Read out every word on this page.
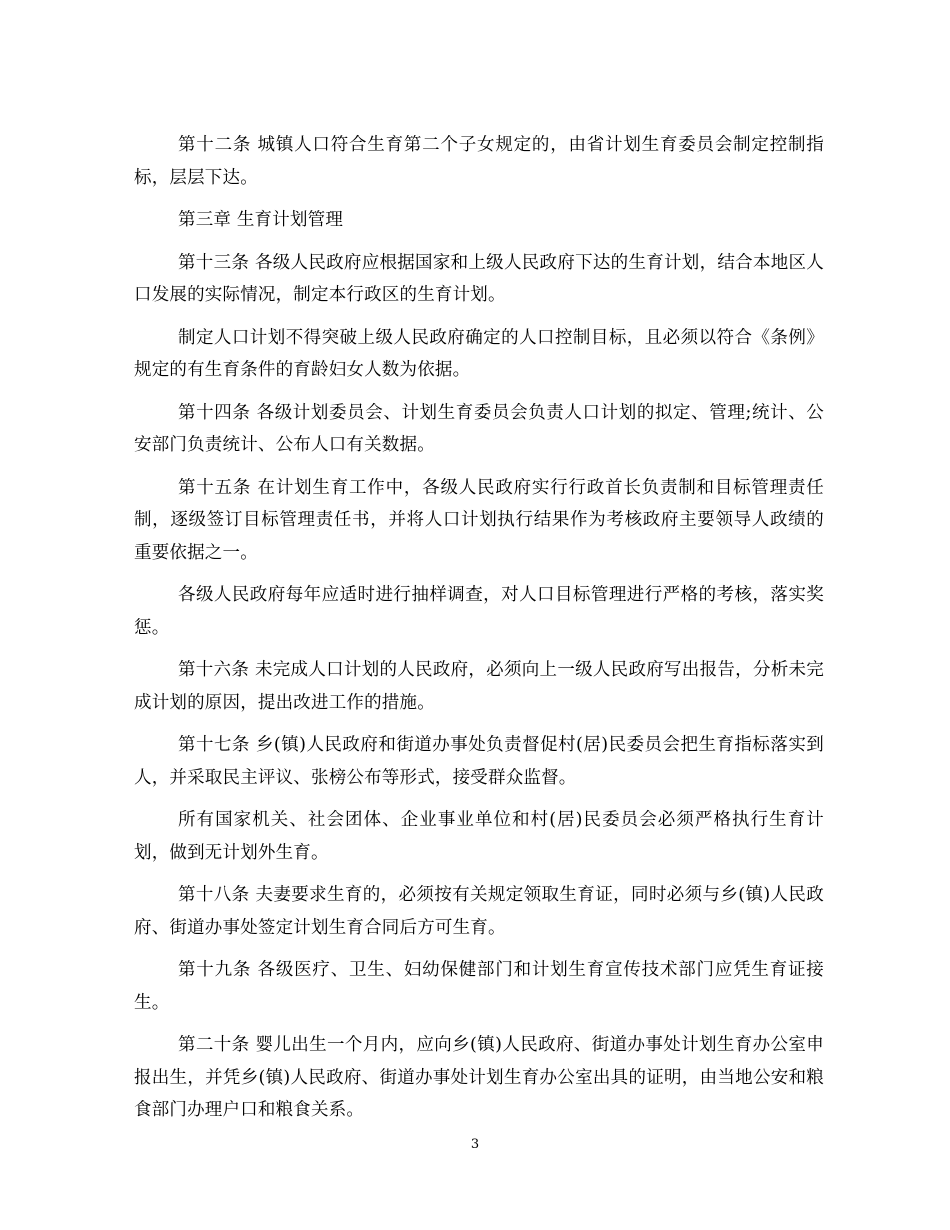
第十二条 城镇人口符合生育第二个子女规定的，由省计划生育委员会制定控制指标，层层下达。

第三章 生育计划管理

第十三条 各级人民政府应根据国家和上级人民政府下达的生育计划，结合本地区人口发展的实际情况，制定本行政区的生育计划。

制定人口计划不得突破上级人民政府确定的人口控制目标，且必须以符合《条例》规定的有生育条件的育龄妇女人数为依据。

第十四条 各级计划委员会、计划生育委员会负责人口计划的拟定、管理;统计、公安部门负责统计、公布人口有关数据。

第十五条 在计划生育工作中，各级人民政府实行行政首长负责制和目标管理责任制，逐级签订目标管理责任书，并将人口计划执行结果作为考核政府主要领导人政绩的重要依据之一。

各级人民政府每年应适时进行抽样调查，对人口目标管理进行严格的考核，落实奖惩。

第十六条 未完成人口计划的人民政府，必须向上一级人民政府写出报告，分析未完成计划的原因，提出改进工作的措施。

第十七条 乡(镇)人民政府和街道办事处负责督促村(居)民委员会把生育指标落实到人，并采取民主评议、张榜公布等形式，接受群众监督。

所有国家机关、社会团体、企业事业单位和村(居)民委员会必须严格执行生育计划，做到无计划外生育。

第十八条 夫妻要求生育的，必须按有关规定领取生育证，同时必须与乡(镇)人民政府、街道办事处签定计划生育合同后方可生育。

第十九条 各级医疗、卫生、妇幼保健部门和计划生育宣传技术部门应凭生育证接生。

第二十条 婴儿出生一个月内，应向乡(镇)人民政府、街道办事处计划生育办公室申报出生，并凭乡(镇)人民政府、街道办事处计划生育办公室出具的证明，由当地公安和粮食部门办理户口和粮食关系。

3
